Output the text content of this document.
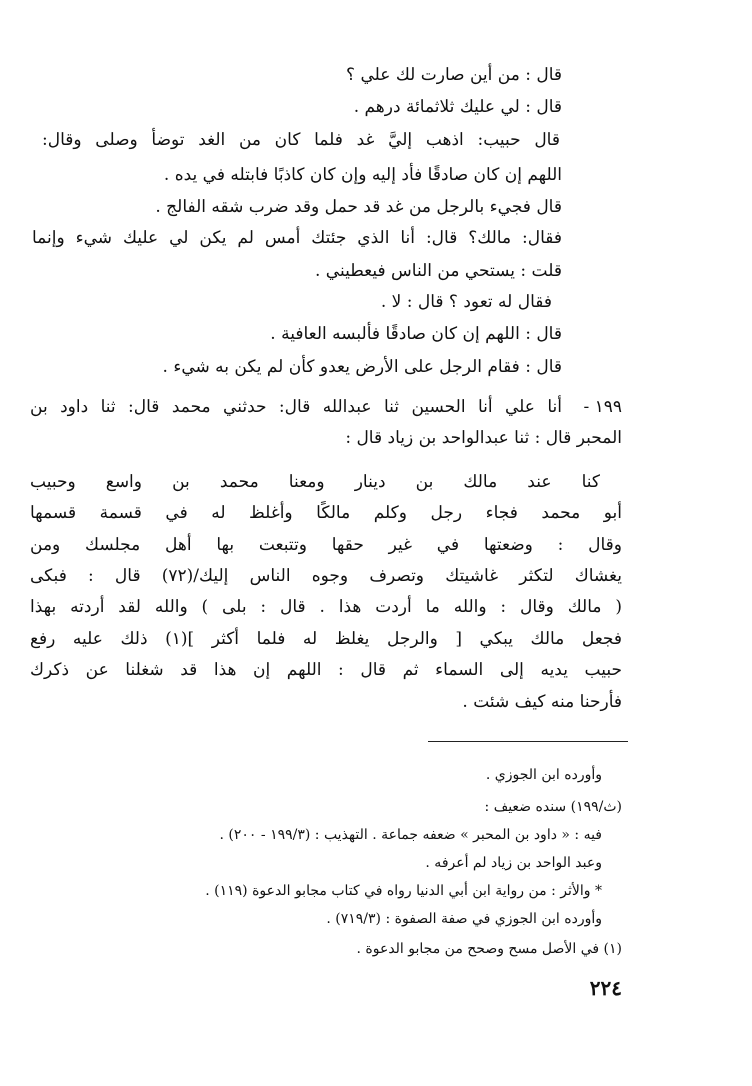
قال : من أين صارت لك علي ؟

قال : لي عليك ثلاثمائة درهم .

قال حبيب: اذهب إليَّ غد فلما كان من الغد توضأ وصلى وقال:

اللهم إن كان صادقًا فأد إليه وإن كان كاذبًا فابتله في يده .

قال فجيء بالرجل من غد قد حمل وقد ضرب شقه الفالج .

فقال: مالك؟ قال: أنا الذي جئتك أمس لم يكن لي عليك شيء وإنما

قلت : يستحي من الناس فيعطيني .

فقال له تعود ؟ قال : لا .

قال : اللهم إن كان صادقًا فألبسه العافية .

قال : فقام الرجل على الأرض يعدو كأن لم يكن به شيء .

١٩٩ -

أنا علي أنا الحسين ثنا عبدالله قال: حدثني محمد قال: ثنا داود بن

المحبر قال : ثنا عبدالواحد بن زياد قال :

كنا عند مالك بن دينار ومعنا محمد بن واسع وحبيب

أبو محمد فجاء رجل وكلم مالكًا وأغلظ له في قسمة قسمها

وقال : وضعتها في غير حقها وتتبعت بها أهل مجلسك ومن

يغشاك لتكثر غاشيتك وتصرف وجوه الناس إليك/(٧٢) قال : فبكى

( مالك وقال : والله ما أردت هذا . قال : بلى ) والله لقد أردته بهذا

فجعل مالك يبكي [ والرجل يغلظ له فلما أكثر ](١) ذلك عليه رفع

حبيب يديه إلى السماء ثم قال : اللهم إن هذا قد شغلنا عن ذكرك

فأرحنا منه كيف شئت .

وأورده ابن الجوزي .

(ث/١٩٩) سنده ضعيف :

فيه : « داود بن المحبر » ضعفه جماعة . التهذيب : (١٩٩/٣ - ٢٠٠) .

وعبد الواحد بن زياد لم أعرفه .

* والأثر : من رواية ابن أبي الدنيا رواه في كتاب مجابو الدعوة (١١٩) .

وأورده ابن الجوزي في صفة الصفوة : (٧١٩/٣) .

(١) في الأصل مسح وصحح من مجابو الدعوة .

٢٢٤
